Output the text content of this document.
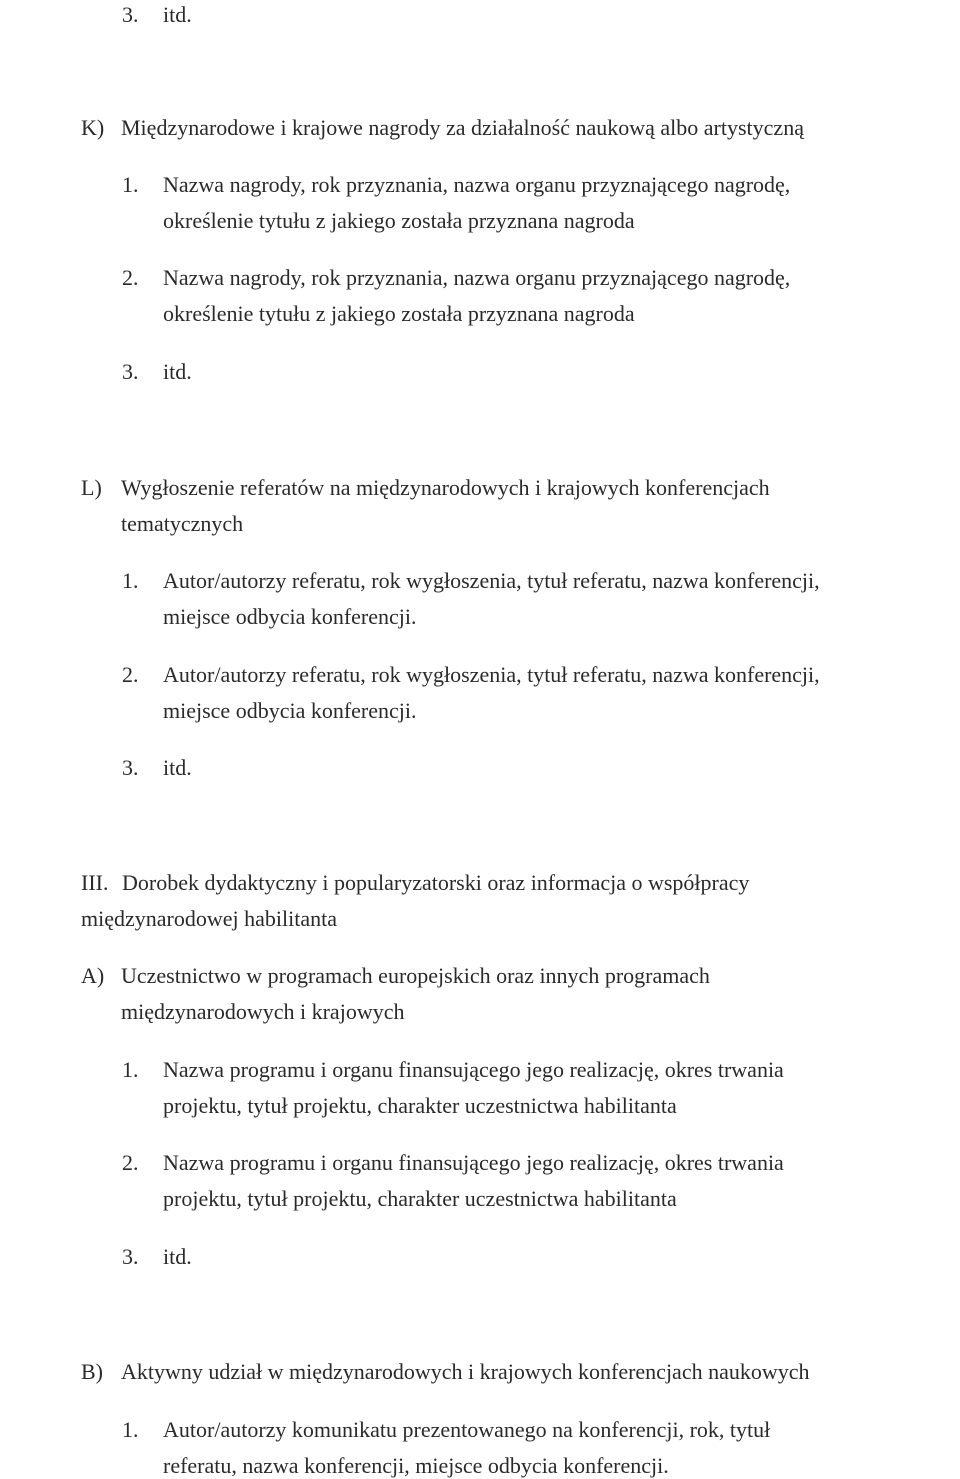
3. itd.
K) Międzynarodowe i krajowe nagrody za działalność naukową albo artystyczną
1. Nazwa nagrody, rok przyznania, nazwa organu przyznającego nagrodę,
określenie tytułu z jakiego została przyznana nagroda
2. Nazwa nagrody, rok przyznania, nazwa organu przyznającego nagrodę,
określenie tytułu z jakiego została przyznana nagroda
3. itd.
L) Wygłoszenie referatów na międzynarodowych i krajowych konferencjach
tematycznych
1. Autor/autorzy referatu, rok wygłoszenia, tytuł referatu, nazwa konferencji,
miejsce odbycia konferencji.
2. Autor/autorzy referatu, rok wygłoszenia, tytuł referatu, nazwa konferencji,
miejsce odbycia konferencji.
3. itd.
III. Dorobek dydaktyczny i popularyzatorski oraz informacja o współpracy
międzynarodowej habilitanta
A) Uczestnictwo w programach europejskich oraz innych programach
międzynarodowych i krajowych
1. Nazwa programu i organu finansującego jego realizację, okres trwania
projektu, tytuł projektu, charakter uczestnictwa habilitanta
2. Nazwa programu i organu finansującego jego realizację, okres trwania
projektu, tytuł projektu, charakter uczestnictwa habilitanta
3. itd.
B) Aktywny udział w międzynarodowych i krajowych konferencjach naukowych
1. Autor/autorzy komunikatu prezentowanego na konferencji, rok, tytuł
referatu, nazwa konferencji, miejsce odbycia konferencji.
